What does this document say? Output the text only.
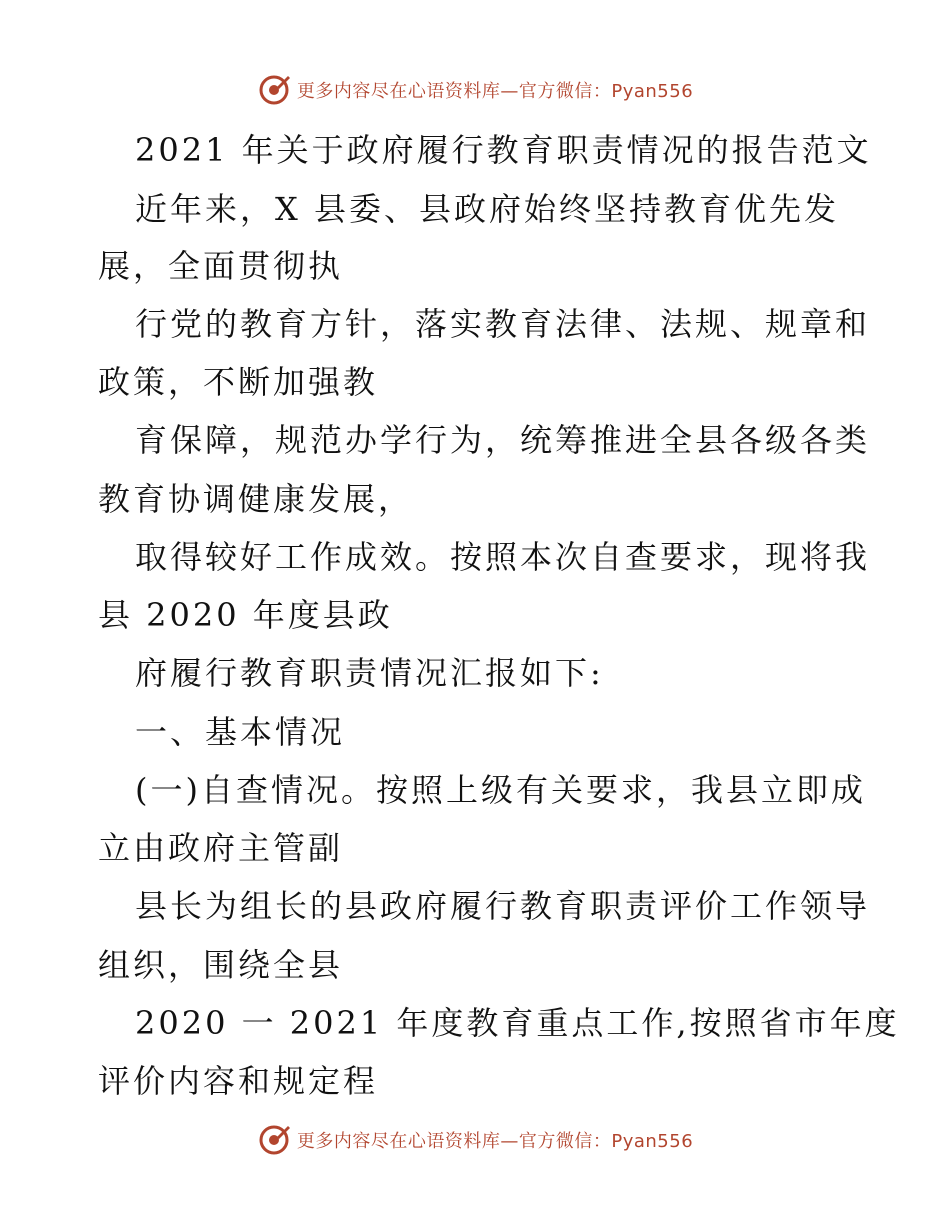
更多内容尽在心语资料库—官方微信：Pyan556
2021 年关于政府履行教育职责情况的报告范文
近年来，X 县委、县政府始终坚持教育优先发
展，全面贯彻执
行党的教育方针，落实教育法律、法规、规章和
政策，不断加强教
育保障，规范办学行为，统筹推进全县各级各类
教育协调健康发展，
取得较好工作成效。按照本次自查要求，现将我
县 2020 年度县政
府履行教育职责情况汇报如下:
一、基本情况
(一)自查情况。按照上级有关要求，我县立即成
立由政府主管副
县长为组长的县政府履行教育职责评价工作领导
组织，围绕全县
2020 一 2021 年度教育重点工作,按照省市年度
评价内容和规定程
更多内容尽在心语资料库—官方微信：Pyan556
